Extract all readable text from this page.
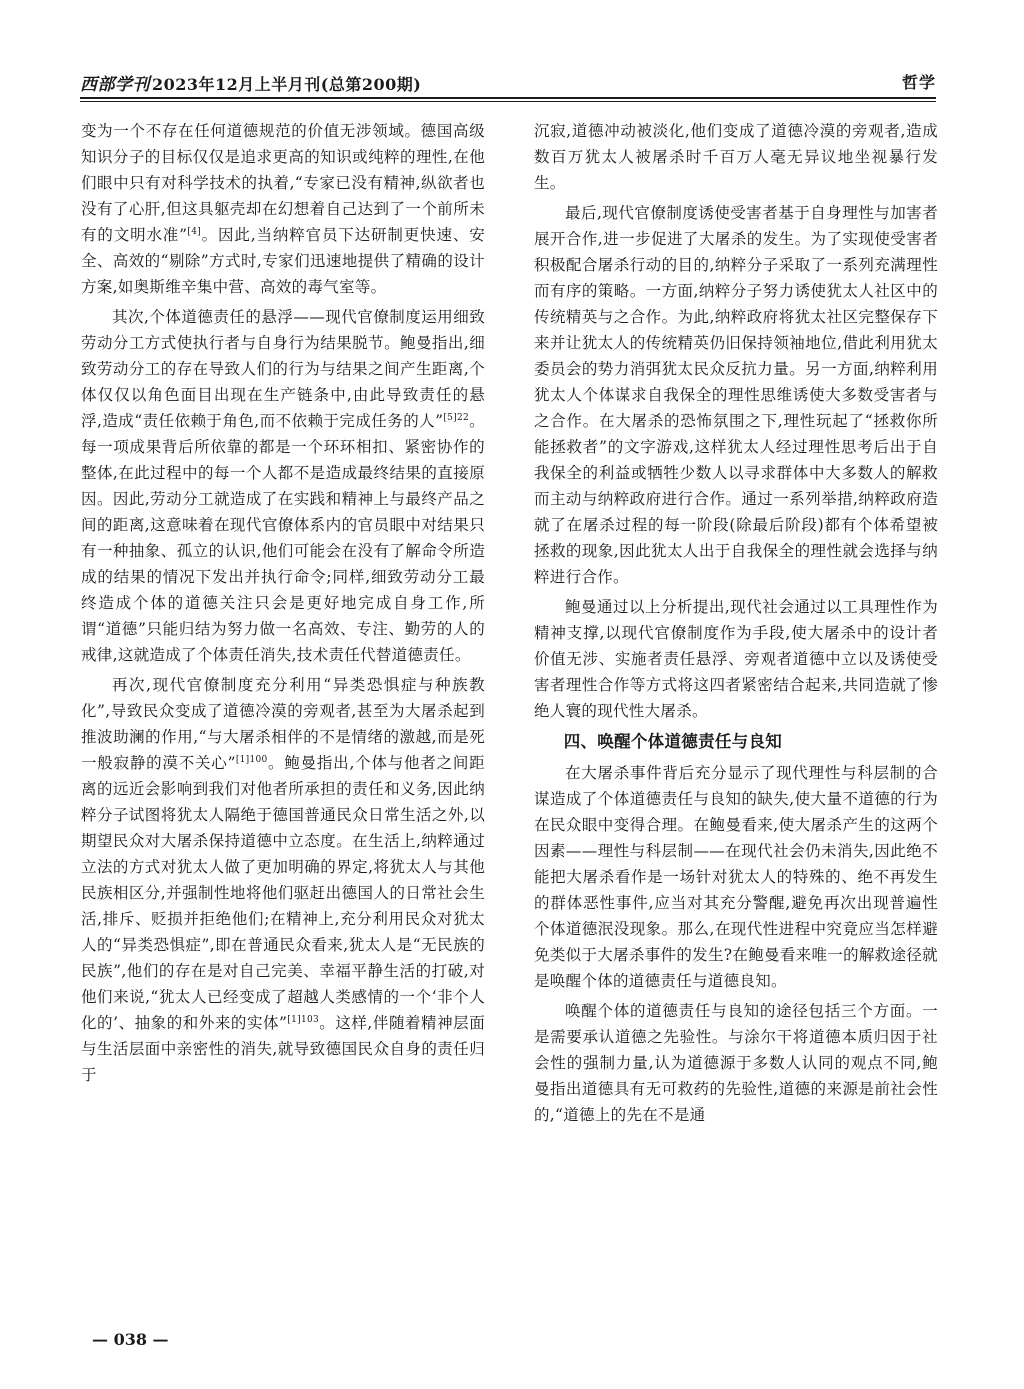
西部学刊 2023年12月上半月刊(总第200期)	哲学

变为一个不存在任何道德规范的价值无涉领域。德国高级知识分子的目标仅仅是追求更高的知识或纯粹的理性,在他们眼中只有对科学技术的执着,“专家已没有精神,纵欲者也没有了心肝,但这具躯壳却在幻想着自己达到了一个前所未有的文明水准”[4]。因此,当纳粹官员下达研制更快速、安全、高效的“剔除”方式时,专家们迅速地提供了精确的设计方案,如奥斯维辛集中营、高效的毒气室等。

其次,个体道德责任的悬浮——现代官僚制度运用细致劳动分工方式使执行者与自身行为结果脱节。鲍曼指出,细致劳动分工的存在导致人们的行为与结果之间产生距离,个体仅仅以角色面目出现在生产链条中,由此导致责任的悬浮,造成“责任依赖于角色,而不依赖于完成任务的人”$^{[5]22}$。每一项成果背后所依靠的都是一个环环相扣、紧密协作的整体,在此过程中的每一个人都不是造成最终结果的直接原因。因此,劳动分工就造成了在实践和精神上与最终产品之间的距离,这意味着在现代官僚体系内的官员眼中对结果只有一种抽象、孤立的认识,他们可能会在没有了解命令所造成的结果的情况下发出并执行命令;同样,细致劳动分工最终造成个体的道德关注只会是更好地完成自身工作,所谓“道德”只能归结为努力做一名高效、专注、勤劳的人的戒律,这就造成了个体责任消失,技术责任代替道德责任。

再次,现代官僚制度充分利用“异类恐惧症与种族教化”,导致民众变成了道德冷漠的旁观者,甚至为大屠杀起到推波助澜的作用,“与大屠杀相伴的不是情绪的激越,而是死一般寂静的漠不关心”$^{[1]100}$。鲍曼指出,个体与他者之间距离的远近会影响到我们对他者所承担的责任和义务,因此纳粹分子试图将犹太人隔绝于德国普通民众日常生活之外,以期望民众对大屠杀保持道德中立态度。在生活上,纳粹通过立法的方式对犹太人做了更加明确的界定,将犹太人与其他民族相区分,并强制性地将他们驱赶出德国人的日常社会生活,排斥、贬损并拒绝他们;在精神上,充分利用民众对犹太人的“异类恐惧症”,即在普通民众看来,犹太人是“无民族的民族”,他们的存在是对自己完美、幸福平静生活的打破,对他们来说,“犹太人已经变成了超越人类感情的一个‘非个人化的’、抽象的和外来的实体”$^{[1]103}$。这样,伴随着精神层面与生活层面中亲密性的消失,就导致德国民众自身的责任归于

沉寂,道德冲动被淡化,他们变成了道德冷漠的旁观者,造成数百万犹太人被屠杀时千百万人毫无异议地坐视暴行发生。

最后,现代官僚制度诱使受害者基于自身理性与加害者展开合作,进一步促进了大屠杀的发生。为了实现使受害者积极配合屠杀行动的目的,纳粹分子采取了一系列充满理性而有序的策略。一方面,纳粹分子努力诱使犹太人社区中的传统精英与之合作。为此,纳粹政府将犹太社区完整保存下来并让犹太人的传统精英仍旧保持领袖地位,借此利用犹太委员会的势力消弭犹太民众反抗力量。另一方面,纳粹利用犹太人个体谋求自我保全的理性思维诱使大多数受害者与之合作。在大屠杀的恐怖氛围之下,理性玩起了“拯救你所能拯救者”的文字游戏,这样犹太人经过理性思考后出于自我保全的利益或牺牲少数人以寻求群体中大多数人的解救而主动与纳粹政府进行合作。通过一系列举措,纳粹政府造就了在屠杀过程的每一阶段(除最后阶段)都有个体希望被拯救的现象,因此犹太人出于自我保全的理性就会选择与纳粹进行合作。

鲍曼通过以上分析提出,现代社会通过以工具理性作为精神支撑,以现代官僚制度作为手段,使大屠杀中的设计者价值无涉、实施者责任悬浮、旁观者道德中立以及诱使受害者理性合作等方式将这四者紧密结合起来,共同造就了惨绝人寰的现代性大屠杀。

四、唤醒个体道德责任与良知

在大屠杀事件背后充分显示了现代理性与科层制的合谋造成了个体道德责任与良知的缺失,使大量不道德的行为在民众眼中变得合理。在鲍曼看来,使大屠杀产生的这两个因素——理性与科层制——在现代社会仍未消失,因此绝不能把大屠杀看作是一场针对犹太人的特殊的、绝不再发生的群体恶性事件,应当对其充分警醒,避免再次出现普遍性个体道德泯没现象。那么,在现代性进程中究竟应当怎样避免类似于大屠杀事件的发生?在鲍曼看来唯一的解救途径就是唤醒个体的道德责任与道德良知。

唤醒个体的道德责任与良知的途径包括三个方面。一是需要承认道德之先验性。与涂尔干将道德本质归因于社会性的强制力量,认为道德源于多数人认同的观点不同,鲍曼指出道德具有无可救药的先验性,道德的来源是前社会性的,“道德上的先在不是通

— 038 —
